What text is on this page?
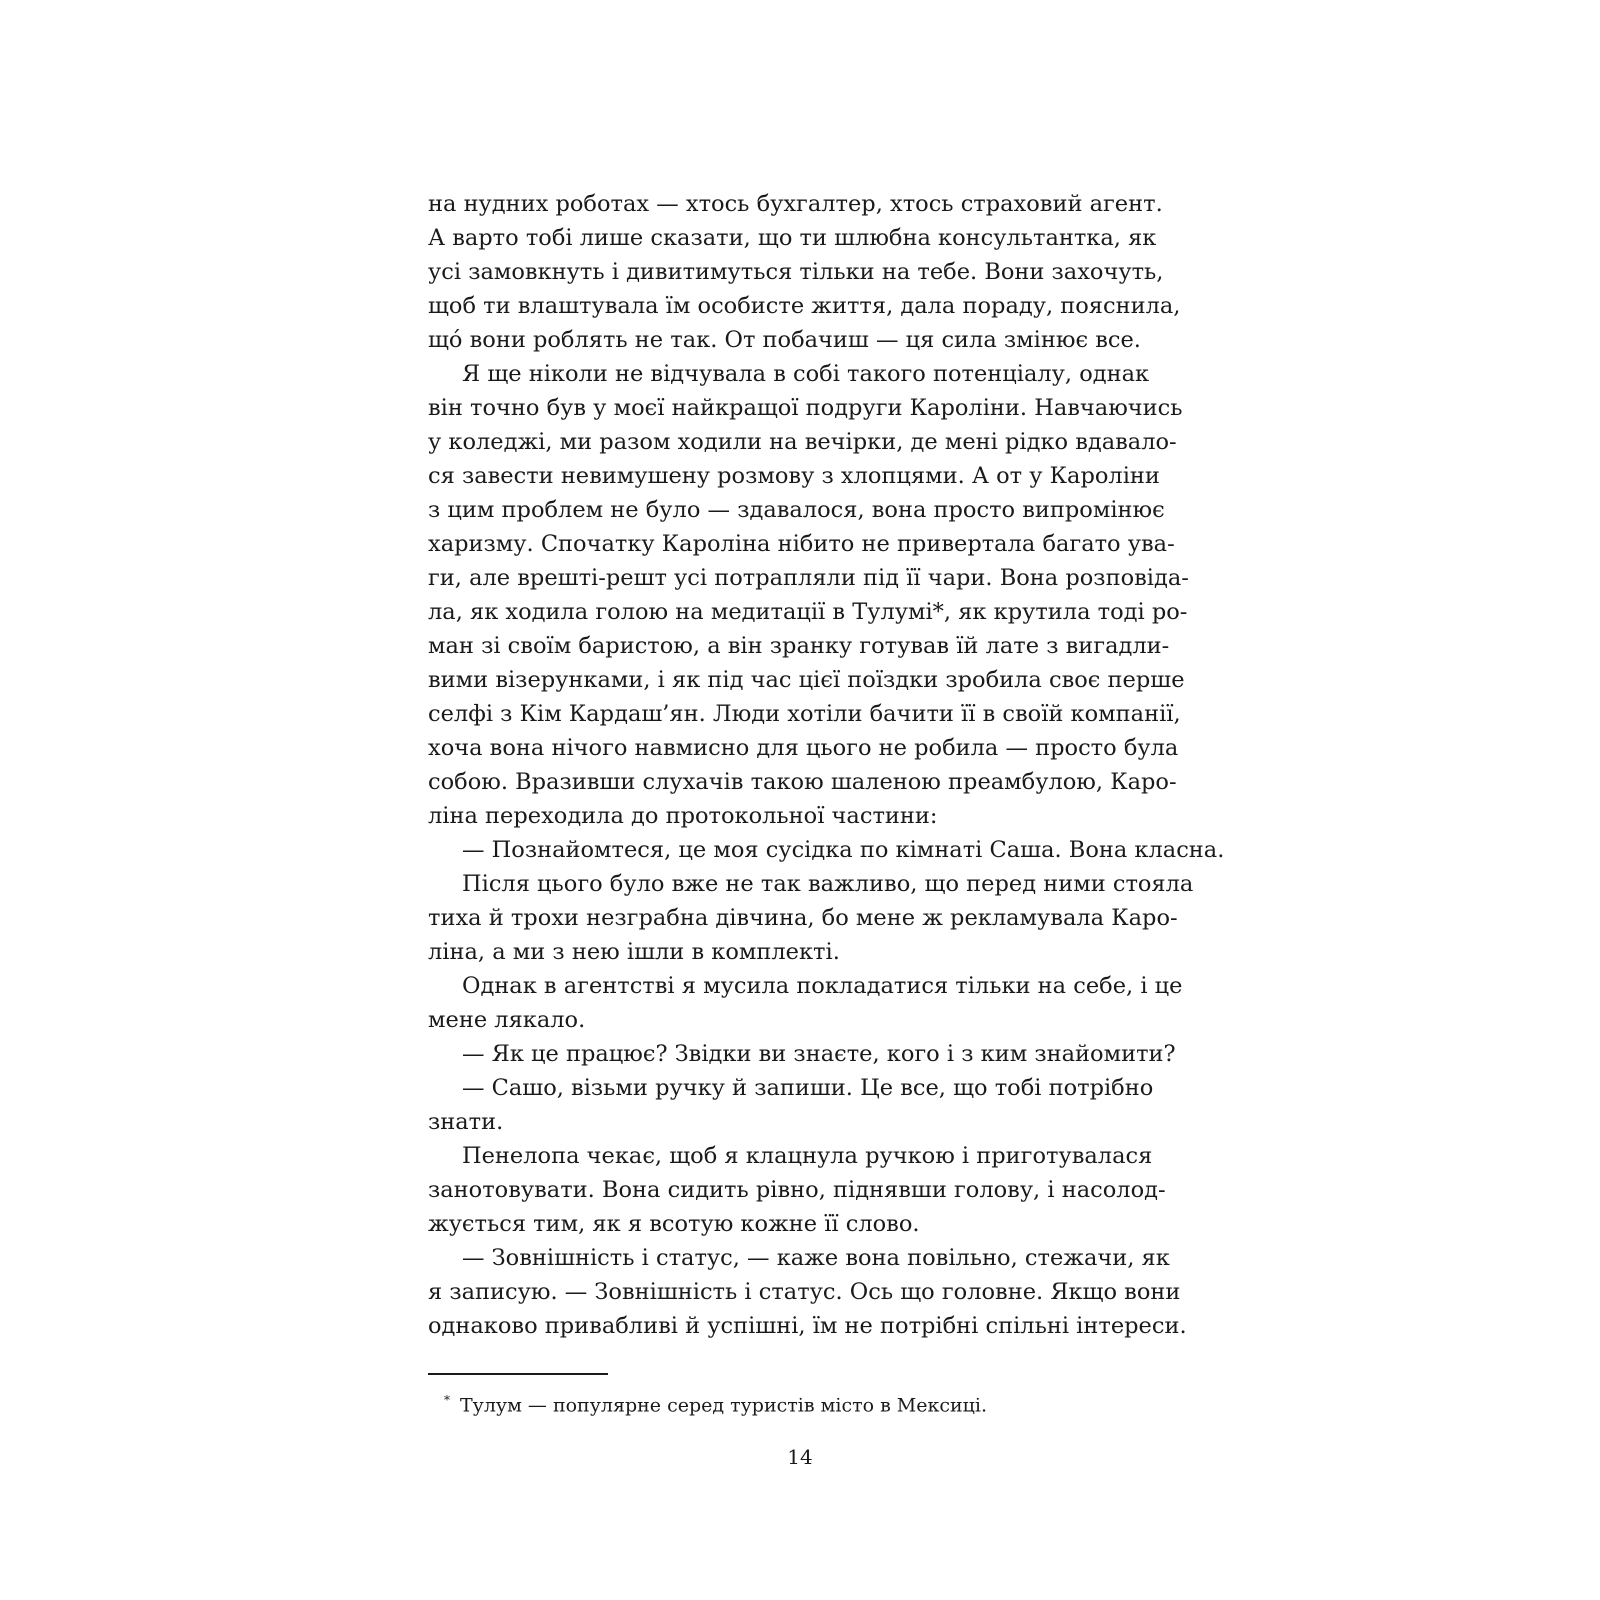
на нудних роботах — хтось бухгалтер, хтось страховий агент.
А варто тобі лише сказати, що ти шлюбна консультантка, як
усі замовкнуть і дивитимуться тільки на тебе. Вони захочуть,
щоб ти влаштувала їм особисте життя, дала пораду, пояснила,
щó вони роблять не так. От побачиш — ця сила змінює все.
Я ще ніколи не відчувала в собі такого потенціалу, однак
він точно був у моєї найкращої подруги Кароліни. Навчаючись
у коледжі, ми разом ходили на вечірки, де мені рідко вдавало-
ся завести невимушену розмову з хлопцями. А от у Кароліни
з цим проблем не було — здавалося, вона просто випромінює
харизму. Спочатку Кароліна нібито не привертала багато ува-
ги, але врешті-решт усі потрапляли під її чари. Вона розповіда-
ла, як ходила голою на медитації в Тулумі*, як крутила тоді ро-
ман зі своїм баристою, а він зранку готував їй лате з вигадли-
вими візерунками, і як під час цієї поїздки зробила своє перше
селфі з Кім Кардаш’ян. Люди хотіли бачити її в своїй компанії,
хоча вона нічого навмисно для цього не робила — просто була
собою. Вразивши слухачів такою шаленою преамбулою, Каро-
ліна переходила до протокольної частини:
— Познайомтеся, це моя сусідка по кімнаті Саша. Вона класна.
Після цього було вже не так важливо, що перед ними стояла
тиха й трохи незграбна дівчина, бо мене ж рекламувала Каро-
ліна, а ми з нею ішли в комплекті.
Однак в агентстві я мусила покладатися тільки на себе, і це
мене лякало.
— Як це працює? Звідки ви знаєте, кого і з ким знайомити?
— Сашо, візьми ручку й запиши. Це все, що тобі потрібно
знати.
Пенелопа чекає, щоб я клацнула ручкою і приготувалася
занотовувати. Вона сидить рівно, піднявши голову, і насолод-
жується тим, як я всотую кожне її слово.
— Зовнішність і статус, — каже вона повільно, стежачи, як
я записую. — Зовнішність і статус. Ось що головне. Якщо вони
однаково привабливі й успішні, їм не потрібні спільні інтереси.
* Тулум — популярне серед туристів місто в Мексиці.
14
